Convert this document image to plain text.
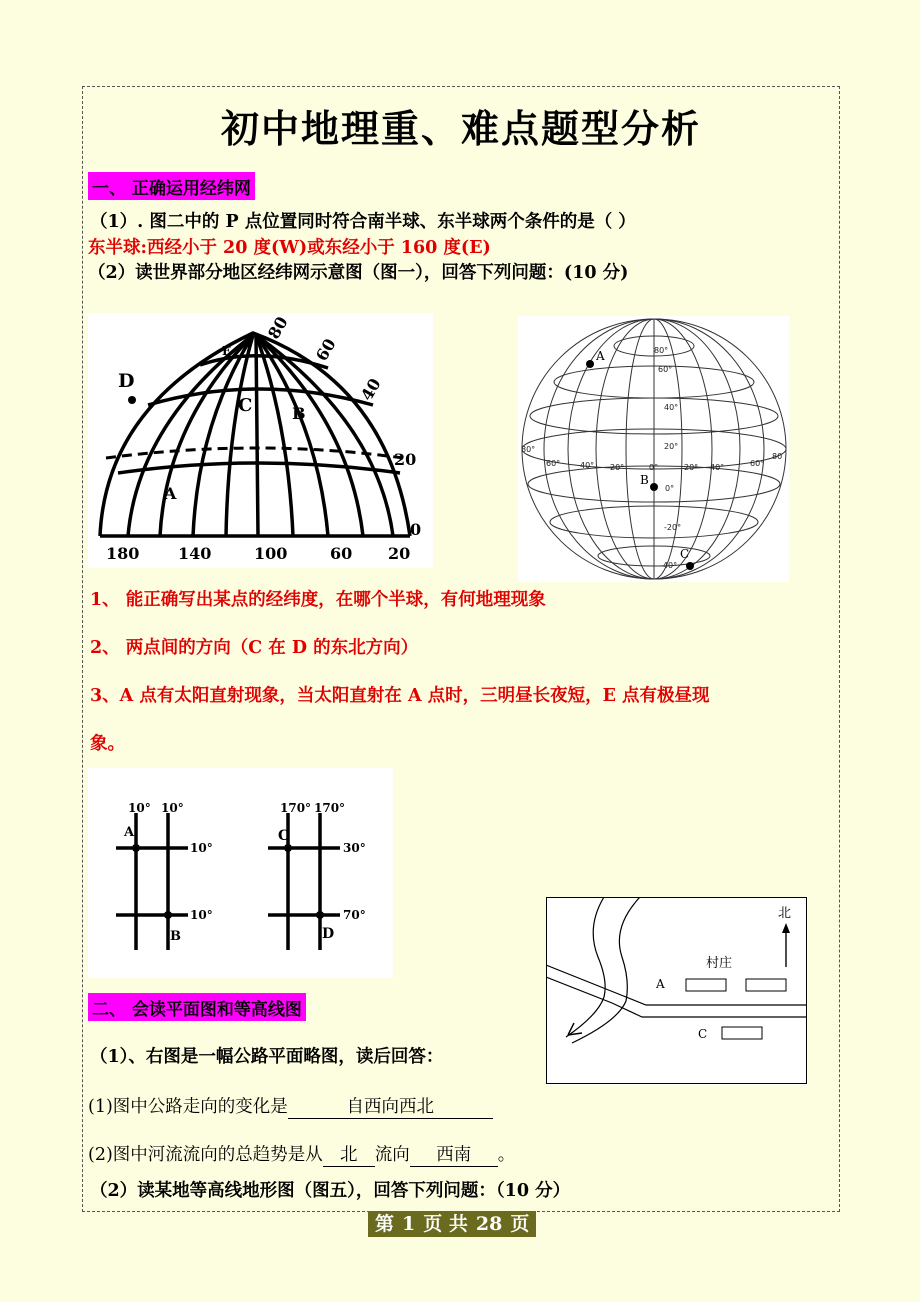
初中地理重、难点题型分析
一、 正确运用经纬网
（1）. 图二中的 P 点位置同时符合南半球、东半球两个条件的是（ ）
东半球:西经小于 20 度(W)或东经小于 160 度(E)
（2）读世界部分地区经纬网示意图（图一），回答下列问题：(10 分)
D
A
C B
E
0
20
40
60
80
180 140	100	60 20
A
B
C
80°
60°
40°
20°
0°
-20°
-40°
80°
60° 40° 20°	0°	20° 40°	60°
80
1、 能正确写出某点的经纬度，在哪个半球，有何地理现象
2、 两点间的方向（C 在 D 的东北方向）
3、A 点有太阳直射现象，当太阳直射在 A 点时，三明昼长夜短，E 点有极昼现
象。
10° 10°
10°
10°
A
B
170° 170°
30°
70°
C
D
北
村庄
A
C
二、 会读平面图和等高线图
（1）、右图是一幅公路平面略图，读后回答：
(1)图中公路走向的变化是	自西向西北
(2)图中河流流向的总趋势是从 北 流向 西南 。
（2）读某地等高线地形图（图五），回答下列问题：（10 分）
第 1 页 共 28 页
